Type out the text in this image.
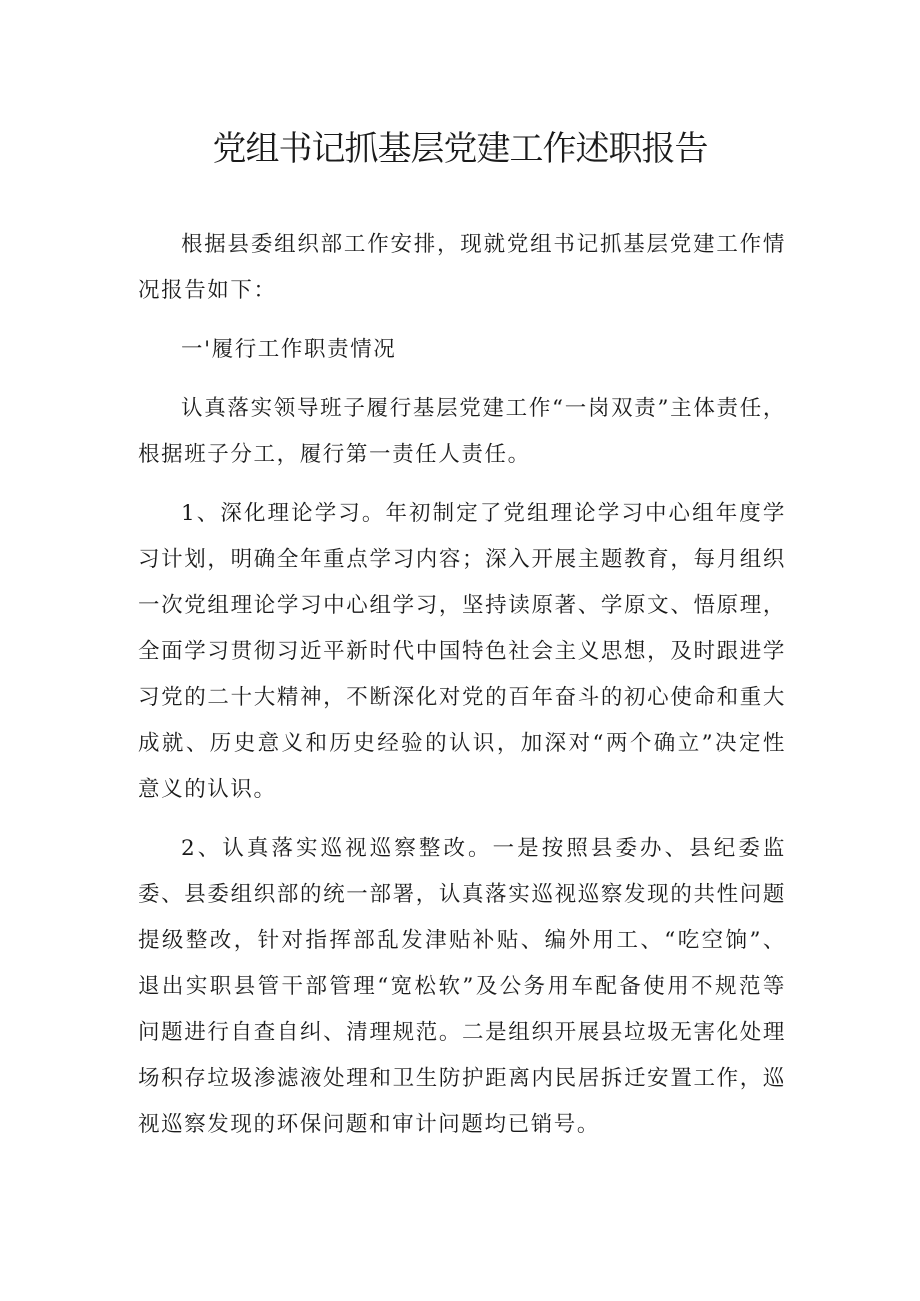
党组书记抓基层党建工作述职报告

根据县委组织部工作安排，现就党组书记抓基层党建工作情况报告如下：

一'履行工作职责情况

认真落实领导班子履行基层党建工作“一岗双责”主体责任，根据班子分工，履行第一责任人责任。

1、深化理论学习。年初制定了党组理论学习中心组年度学习计划，明确全年重点学习内容；深入开展主题教育，每月组织一次党组理论学习中心组学习，坚持读原著、学原文、悟原理，全面学习贯彻习近平新时代中国特色社会主义思想，及时跟进学习党的二十大精神，不断深化对党的百年奋斗的初心使命和重大成就、历史意义和历史经验的认识，加深对“两个确立”决定性意义的认识。

2、认真落实巡视巡察整改。一是按照县委办、县纪委监委、县委组织部的统一部署，认真落实巡视巡察发现的共性问题提级整改，针对指挥部乱发津贴补贴、编外用工、“吃空饷”、退出实职县管干部管理“宽松软”及公务用车配备使用不规范等问题进行自查自纠、清理规范。二是组织开展县垃圾无害化处理场积存垃圾渗滤液处理和卫生防护距离内民居拆迁安置工作，巡视巡察发现的环保问题和审计问题均已销号。
